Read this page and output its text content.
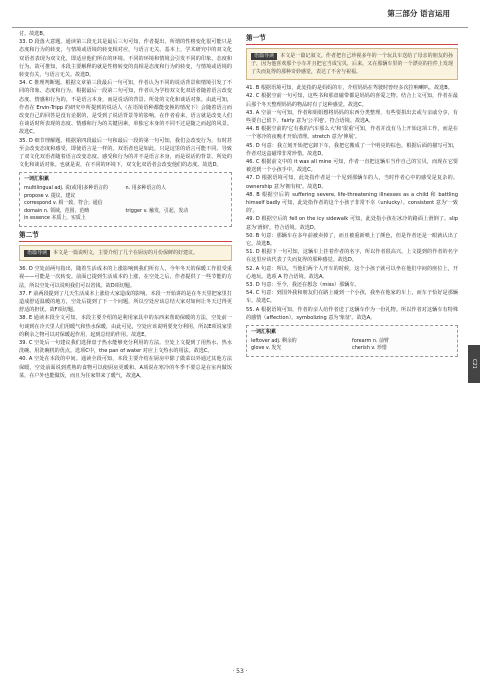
第三部分 语言运用

讨。故选B。

33. D 段落大意题。通读第三段无其是最后三句可知，作者提出，所谓的性格变化很可能只是态度和行为的转变，与情境或语境的转变相对应，与语言无关。基本上，学术研究中的双文化双语者表现为双文化，即适应他们所在的环境。不同的环境和情境会引发不同的印象、态度和行为。故可推知，本段主要解释的就是性格转变的真相是态度和行为的转变，与情境或语境的转变有关，与语言无关。故选D。

34. C 推理判断题。根据文章第三段最后一句可知，作者认为不同的说话背景和情境引发了不同的印象、态度和行为。根据最后一段第二句可知，作者认为学校双文化双语者随着语言改变态度、情感和行为的，不是语言本身，而是说话的背景、所处的文化和谈话对象。由此可知，作者在 Ervin-Tripp 的研究中所提到的说话人（在语境语种都能变换的情况下）会随着语言而改变自己的回答是没有论据的，是受到了说话背景等的影响。在作者看来，语言就是改变人们在谈话时所表现的态度、情感和行为的关键因素，单独它本身的不同不过是随之而起的风景。故选C。

35. D 细节理解题。根据第四段最后一句和最后一段的第一句可知，我们会改变行为，有时甚至会改变态度和感受，即使语言是一样的。双语者也是如此，只是这里的语言可能不同。导致了双文化双语者随着语言改变态度、感受和行为的并不是语言本身，而是说话的背景、所处的文化和谈话对象。也就是说，在不同的环境下，双文化双语者会改变他们的态度。故选D。

一词汇积累
multilingual adj. 说(或用)多种语言的	n. 用多种语言的人
propose v. 提议，建议
correspond v. 相一致，符合；通信
domain n. 领域，范围，范畴	trigger v. 触发，引起，发动
in essence 本质上，实质上
第二节
语篇导读 本文是一篇说明文，主要介绍了几个在厨房的月份保鲜的好建议。

36. D 空处前两句指出，随着生活成本的上涨影响到我们所有人，今年冬天的保暖工作很受重视——可能是一次转变。前面已提到生活成本的上涨，在空处之后，作者提供了一些节能的方法，所以空处可以说明我们可以省钱。故D项切题。

37. F 前两段提到了几天生活成本上涨给大家造成的影响。本段一开始讲的是在冬天里把家里打造成舒适温暖的地方，空处后提到了下一个问题，所以空处应该总结大家对如何让冬天过得更舒适的担忧。故F项切题。

38. E 通读本段全文可知，本段主要介绍的是利用家具中的东西来帮助保暖的方法，空处前一句谈到在冷天里人们用暖气和热水保暖，由此可见，空处应该说明要充分利用，所以E项说家里的剩余之物可以对保暖起作用，起到总结的作用。故选E。

39. C 空处后一句建议我们选择盘子热水能够充分利用的方法。空处上文提到了用热水、热水洗碗、用洗碗机的优点。选项C中，the pan of water 对应上文热水的用法。故选C。

40. A 空处在本段的中间。通读全段可知，本段主要介绍在厨房中除了做菜以外通过其他方法保暖，空处前面说到煮熟的食物可以使厨房更暖和。A项说在寒冷的冬季不要总是在室内做饭菜，在户外也能做饭，而且为住家带来了暖气，故选A。

第一节
语篇导读 本文是一篇记叙文。作者把自己珍视多年的一个玩具车送给了母亲的朋友的孙子，因为他喜欢那个小车并且把它当成宝贝，后来，又在那辆车里的一个漂亮的挂件上发现了失而复得的那种奇妙感觉，表达了不舍与祝福。

41. B 根据语境可知，此处指的是妈妈的车，介绍妈妈在驾驶时曾经多次拉响喇叭。故选B。

42. C 根据空前一句可知，这些书和那盘磁带都是妈妈的喜爱之物。结合上文可知，作者在最后那个冬天整理妈妈的物品时有了这种感觉。故选C。

43. A 空前一句可知，作者和姐姐想将妈妈的东西分类整理，有些要捐出去或与亲戚分享，有些要自己留下。fairly 意为'公平地'，符合语境。故选A。

44. B 根据空前的'它有我的汽车那么大'和'很重'可知，作者并没有马上开始这项工作，而是在一个寒冷的夜晚才开始清理。stretch 意为'伸展'。

45. D 句意：我立刻开始把它卸下车，我把它搬成了一个明亮的棕色。根据后面的描写可知，作者对这盒磁带非常珍惜。故选D。

46. C 根据前文中的 it was all mine 可知，作者一直把这辆车当作自己的宝贝，而现在它要被送到一个小孩手中。故选C。

47. D 根据语境可知，此处指作者是一个见到那辆车的人，当时作者心中的感受是复杂的。ownership 意为'拥有权'。故选D。

48. B 根据空后的 suffering severe, life-threatening illnesses as a child 和 battling himself badly 可知，此处指作者的这个小孩子非常不幸（unlucky）。consistent 意为'一致的'。

49. D 根据空后的 fell on the icy sidewalk 可知，此处指小孩在冰冷的路面上滑倒了。slip 意为'滑倒'。符合语境。故选D。

50. B 句意：那辆车在多年前被卖掉了，而且被重新喷上了颜色，但是作者还是一眼就认出了它。故选B。

51. D 根据下一句可知，这辆车上挂着作者的名字，所以作者很高兴。上文提到的作者的名字在这里应该代表了失而复得的那种感觉。故选D。

52. A 句意：所以，当他们两个人开车的时候，这个小孩子就可以坐在他们中间的座位上，开心地玩。选项 A 符合语境。故选A。

53. D 句意：至今，我还在想念（miss）那辆车。

54. C 句意：到国外我和朋友们在路上碰到一个小孩，我坐在他家的车上，而车子恰好是那辆车。故选C。

55. A 根据语境可知，作者的亲人给作者送了这辆车作为一份礼物。所以作者对这辆车有特殊的感情（affection）。symbolizing 意为'象征'。故选A。

一词汇积累
leftover adj. 剩余的	forearm n. 前臂
glove v. 发光	cherish v. 珍惜
C21
· 53 ·
